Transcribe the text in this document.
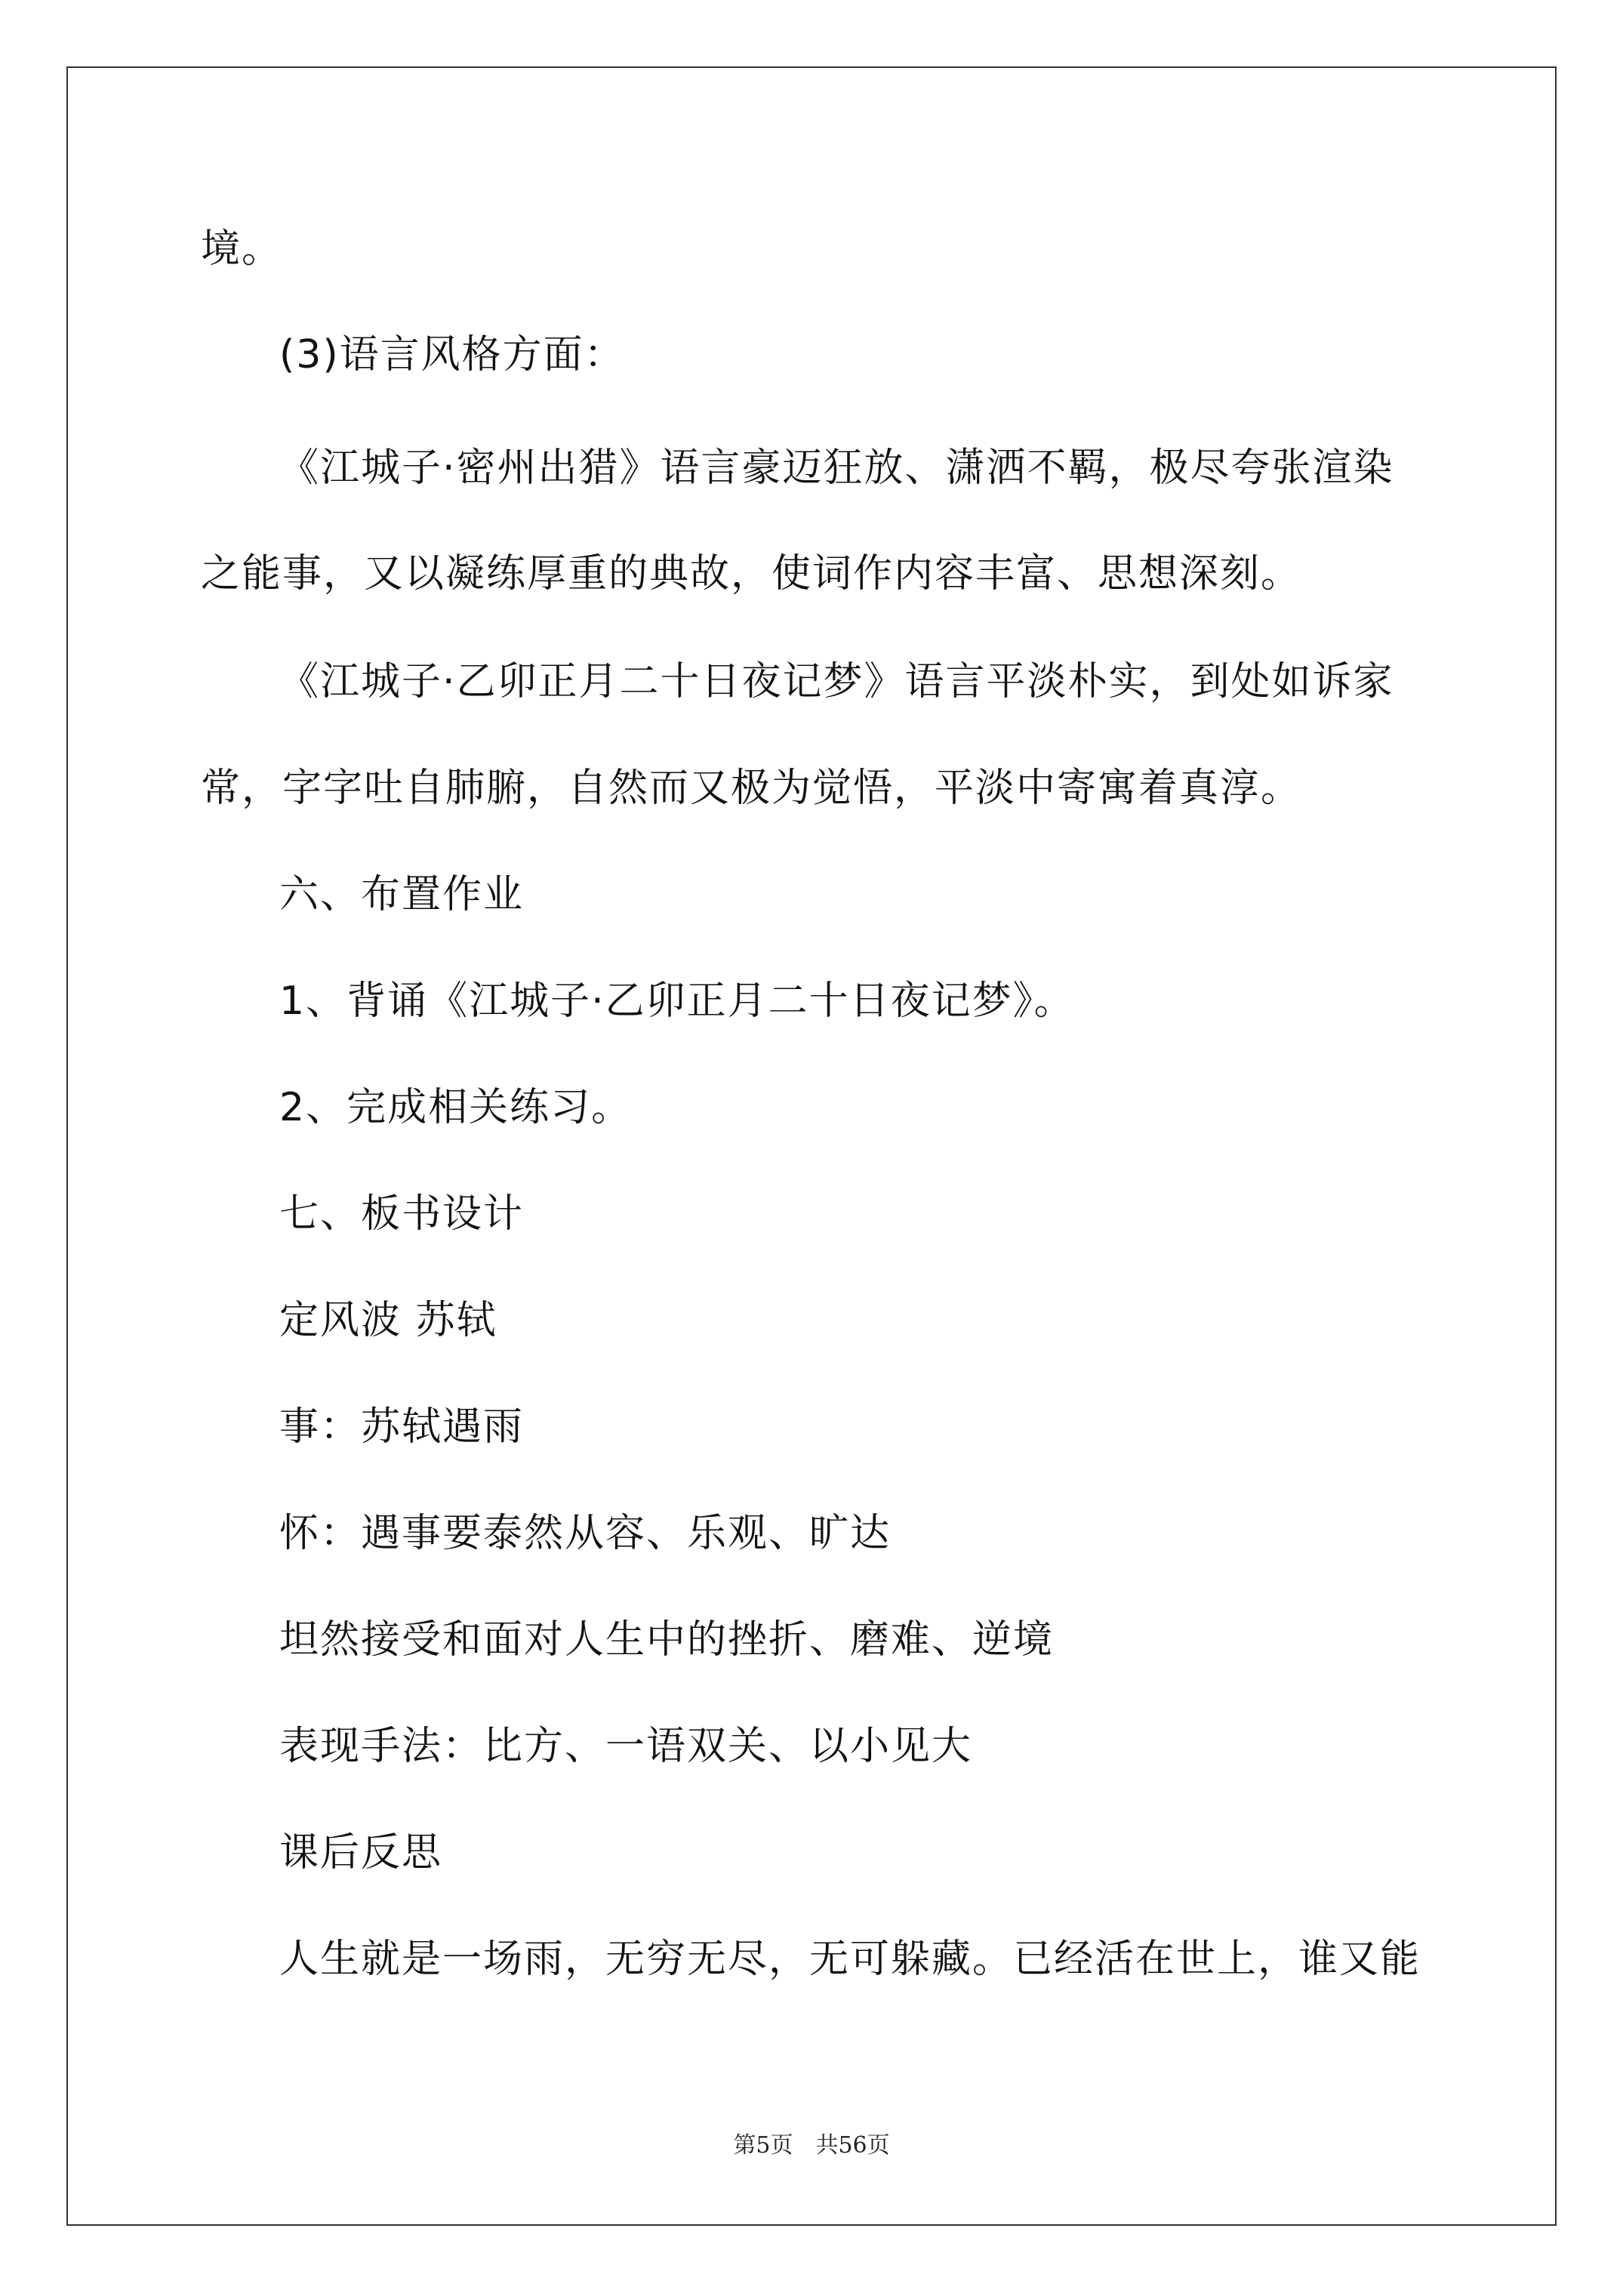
境。
(3)语言风格方面：
《江城子·密州出猎》语言豪迈狂放、潇洒不羁，极尽夸张渲染
之能事，又以凝练厚重的典故，使词作内容丰富、思想深刻。
《江城子·乙卯正月二十日夜记梦》语言平淡朴实，到处如诉家
常，字字吐自肺腑，自然而又极为觉悟，平淡中寄寓着真淳。
六、布置作业
1、背诵《江城子·乙卯正月二十日夜记梦》。
2、完成相关练习。
七、板书设计
定风波 苏轼
事：苏轼遇雨
怀：遇事要泰然从容、乐观、旷达
坦然接受和面对人生中的挫折、磨难、逆境
表现手法：比方、一语双关、以小见大
课后反思
人生就是一场雨，无穷无尽，无可躲藏。已经活在世上，谁又能
第5页　共56页
